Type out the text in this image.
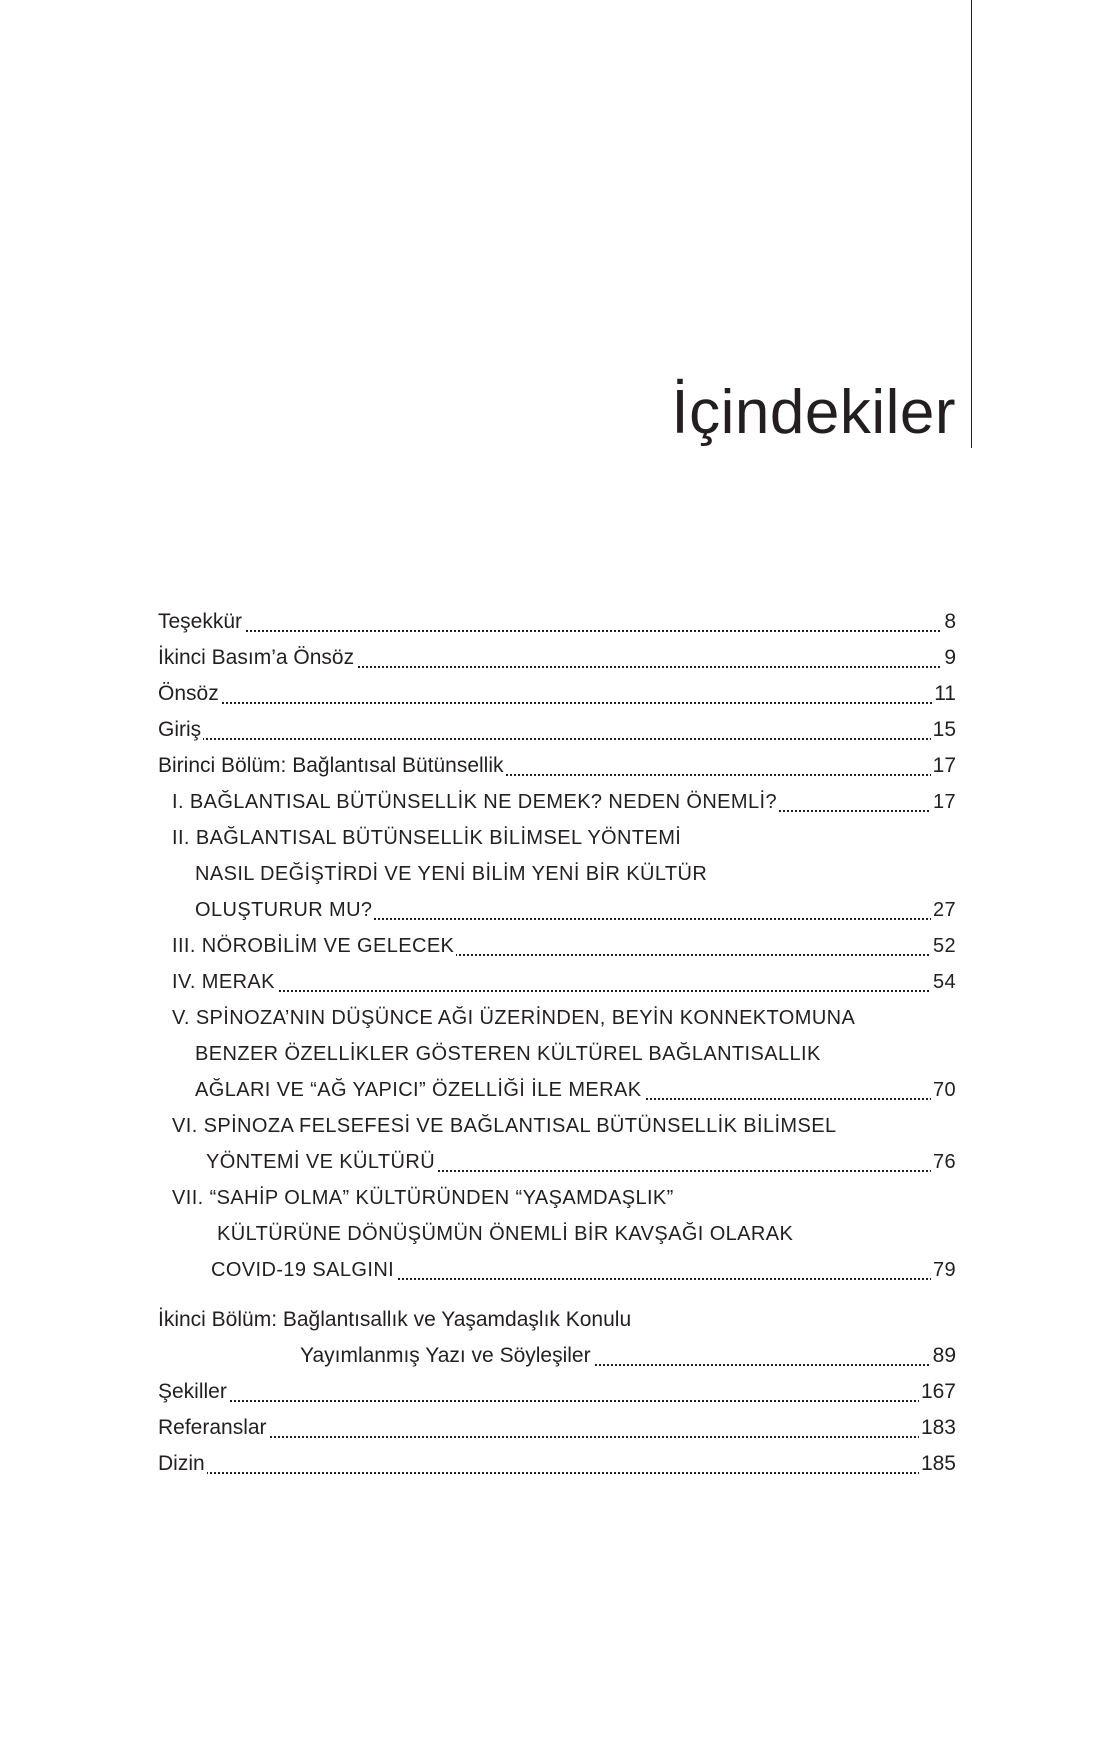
İçindekiler
Teşekkür	8
İkinci Basım’a Önsöz	9
Önsöz	11
Giriş	15
Birinci Bölüm: Bağlantısal Bütünsellik	17
I. BAĞLANTISAL BÜTÜNSELLİK NE DEMEK? NEDEN ÖNEMLİ?	17
II. BAĞLANTISAL BÜTÜNSELLİK BİLİMSEL YÖNTEMİ
NASIL DEĞİŞTİRDİ VE YENİ BİLİM YENİ BİR KÜLTÜR
OLUŞTURUR MU?	27
III. NÖROBİLİM VE GELECEK	52
IV. MERAK	54
V. SPİNOZA’NIN DÜŞÜNCE AĞI ÜZERİNDEN, BEYİN KONNEKTOMUNA
BENZER ÖZELLİKLER GÖSTEREN KÜLTÜREL BAĞLANTISALLIK
AĞLARI VE “AĞ YAPICI” ÖZELLİĞİ İLE MERAK	70
VI. SPİNOZA FELSEFESİ VE BAĞLANTISAL BÜTÜNSELLİK BİLİMSEL
YÖNTEMİ VE KÜLTÜRÜ	76
VII. “SAHİP OLMA” KÜLTÜRÜNDEN “YAŞAMDAŞLIK”
KÜLTÜRÜNE DÖNÜŞÜMÜN ÖNEMLİ BİR KAVŞAĞI OLARAK
COVID-19 SALGINI	79
İkinci Bölüm: Bağlantısallık ve Yaşamdaşlık Konulu
Yayımlanmış Yazı ve Söyleşiler	89
Şekiller	167
Referanslar	183
Dizin	185
